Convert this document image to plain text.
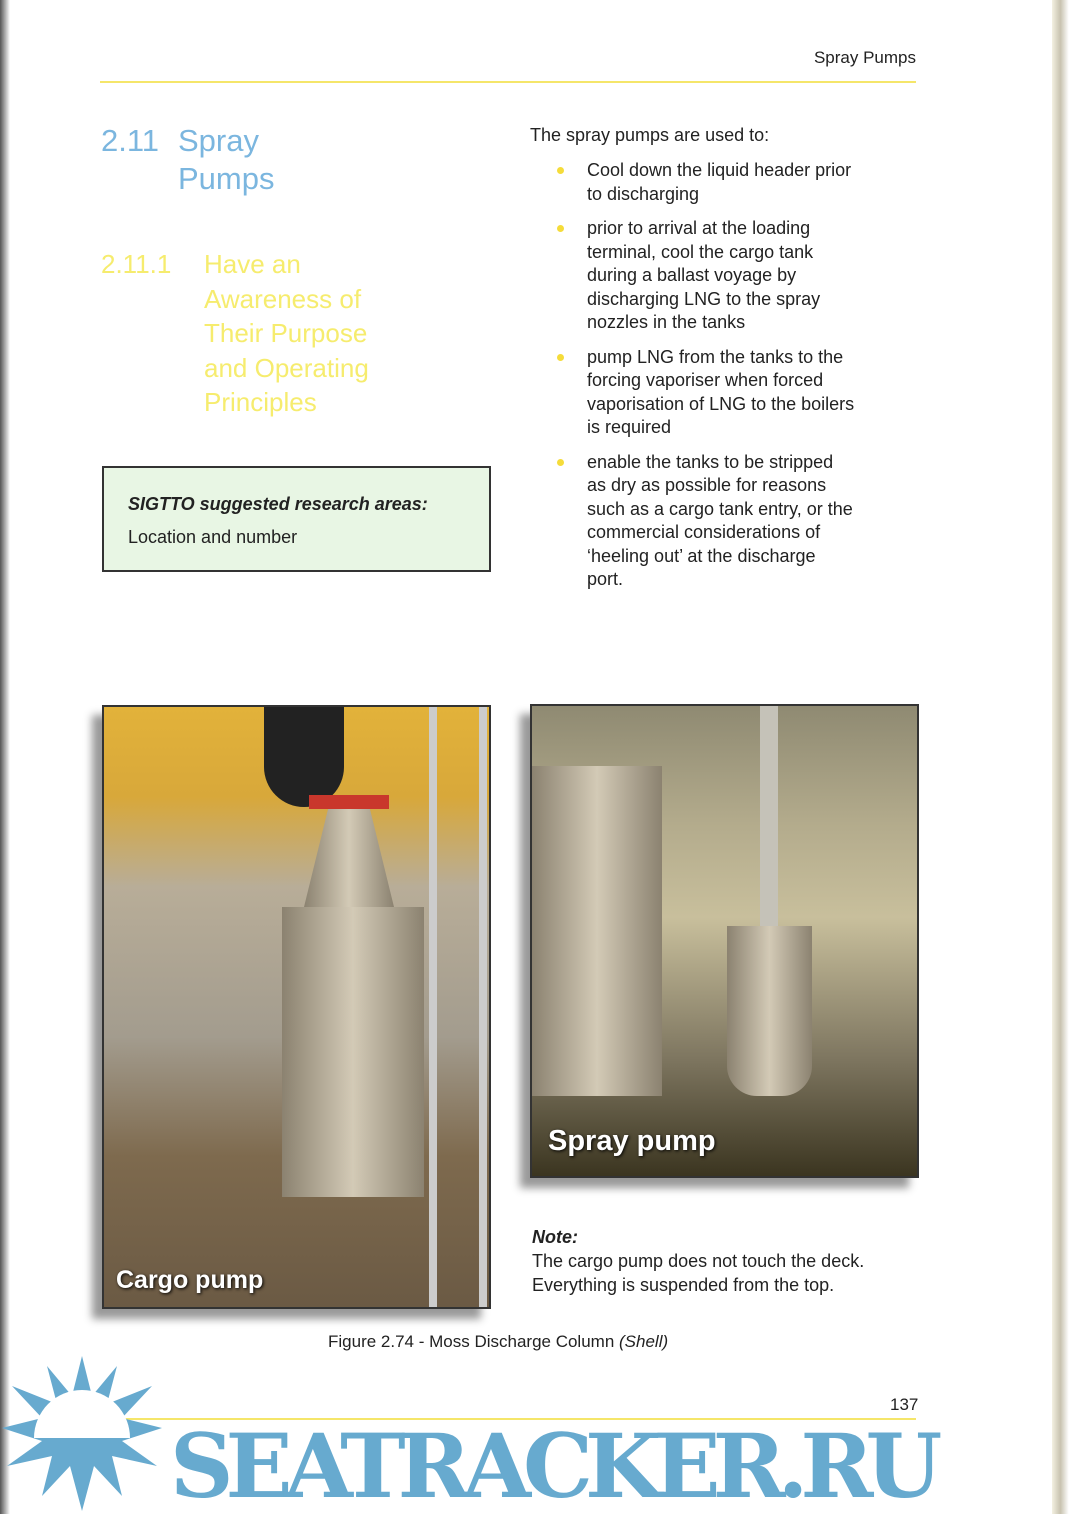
Spray Pumps
2.11 Spray
Pumps
2.11.1 Have an
Awareness of
Their Purpose
and Operating
Principles
SIGTTO suggested research areas:
Location and number
The spray pumps are used to:
Cool down the liquid header prior to discharging
prior to arrival at the loading terminal, cool the cargo tank during a ballast voyage by discharging LNG to the spray nozzles in the tanks
pump LNG from the tanks to the forcing vaporiser when forced vaporisation of LNG to the boilers is required
enable the tanks to be stripped as dry as possible for reasons such as a cargo tank entry, or the commercial considerations of ‘heeling out’ at the discharge port.
Cargo pump
Spray pump
Note:
The cargo pump does not touch the deck.
Everything is suspended from the top.
Figure 2.74 - Moss Discharge Column (Shell)
137
SEATRACKER.RU
